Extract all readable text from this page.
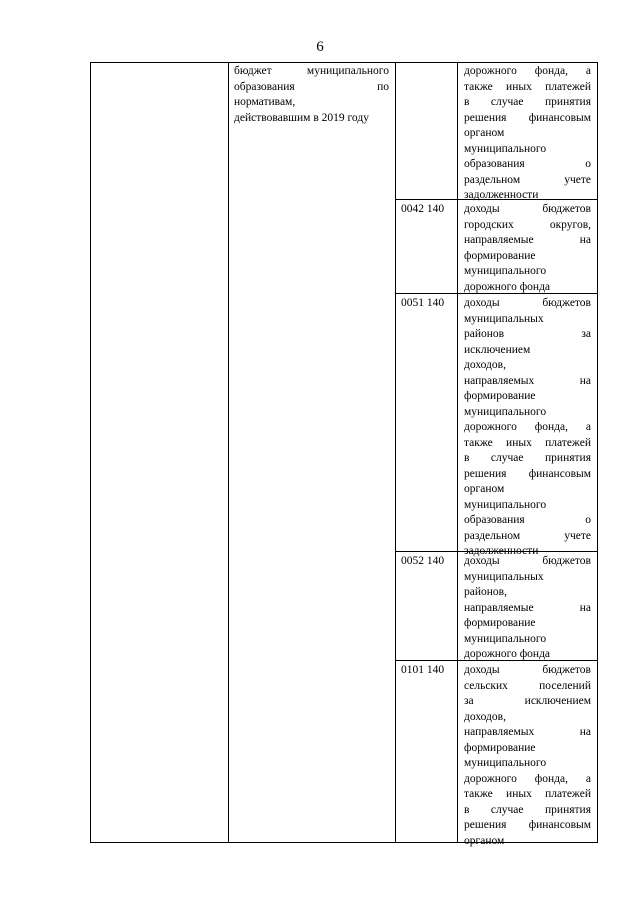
6
бюджет муниципального
образования по
нормативам,
действовавшим в 2019 году
дорожного фонда, а
также иных платежей
в случае принятия
решения финансовым
органом
муниципального
образования о
раздельном учете
задолженности
0042 140 доходы бюджетов
городских округов,
направляемые на
формирование
муниципального
дорожного фонда
0051 140 доходы бюджетов
муниципальных
районов за
исключением
доходов,
направляемых на
формирование
муниципального
дорожного фонда, а
также иных платежей
в случае принятия
решения финансовым
органом
муниципального
образования о
раздельном учете
задолженности
0052 140 доходы бюджетов
муниципальных
районов,
направляемые на
формирование
муниципального
дорожного фонда
0101 140 доходы бюджетов
сельских поселений
за исключением
доходов,
направляемых на
формирование
муниципального
дорожного фонда, а
также иных платежей
в случае принятия
решения финансовым
органом
